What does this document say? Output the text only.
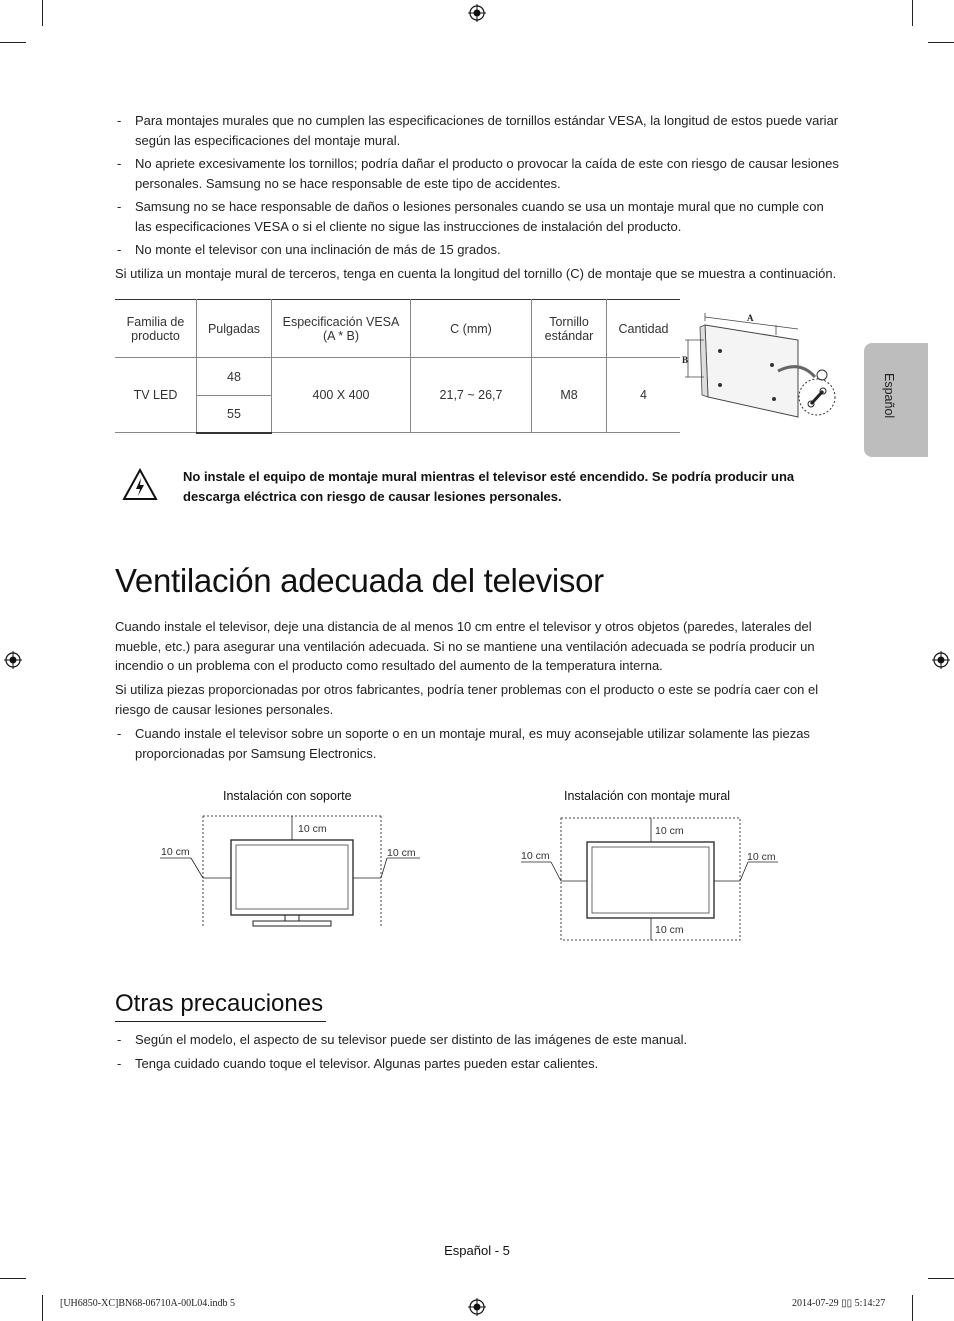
Español
- Para montajes murales que no cumplen las especificaciones de tornillos estándar VESA, la longitud de estos puede variar según las especificaciones del montaje mural.
- No apriete excesivamente los tornillos; podría dañar el producto o provocar la caída de este con riesgo de causar lesiones personales. Samsung no se hace responsable de este tipo de accidentes.
- Samsung no se hace responsable de daños o lesiones personales cuando se usa un montaje mural que no cumple con las especificaciones VESA o si el cliente no sigue las instrucciones de instalación del producto.
- No monte el televisor con una inclinación de más de 15 grados.
Si utiliza un montaje mural de terceros, tenga en cuenta la longitud del tornillo (C) de montaje que se muestra a continuación.
Familia de producto	Pulgadas	Especificación VESA (A * B)	C (mm)	Tornillo estándar	Cantidad
TV LED	48	400 X 400	21,7 ~ 26,7	M8	4
	55				
A
B
No instale el equipo de montaje mural mientras el televisor esté encendido. Se podría producir una descarga eléctrica con riesgo de causar lesiones personales.
Ventilación adecuada del televisor
Cuando instale el televisor, deje una distancia de al menos 10 cm entre el televisor y otros objetos (paredes, laterales del mueble, etc.) para asegurar una ventilación adecuada. Si no se mantiene una ventilación adecuada se podría producir un incendio o un problema con el producto como resultado del aumento de la temperatura interna.
Si utiliza piezas proporcionadas por otros fabricantes, podría tener problemas con el producto o este se podría caer con el riesgo de causar lesiones personales.
- Cuando instale el televisor sobre un soporte o en un montaje mural, es muy aconsejable utilizar solamente las piezas proporcionadas por Samsung Electronics.
Instalación con soporte	Instalación con montaje mural
10 cm
10 cm	10 cm
10 cm
10 cm
10 cm	10 cm
Otras precauciones
- Según el modelo, el aspecto de su televisor puede ser distinto de las imágenes de este manual.
- Tenga cuidado cuando toque el televisor. Algunas partes pueden estar calientes.
Español - 5
[UH6850-XC]BN68-06710A-00L04.indb 5	2014-07-29 ▯▯ 5:14:27
